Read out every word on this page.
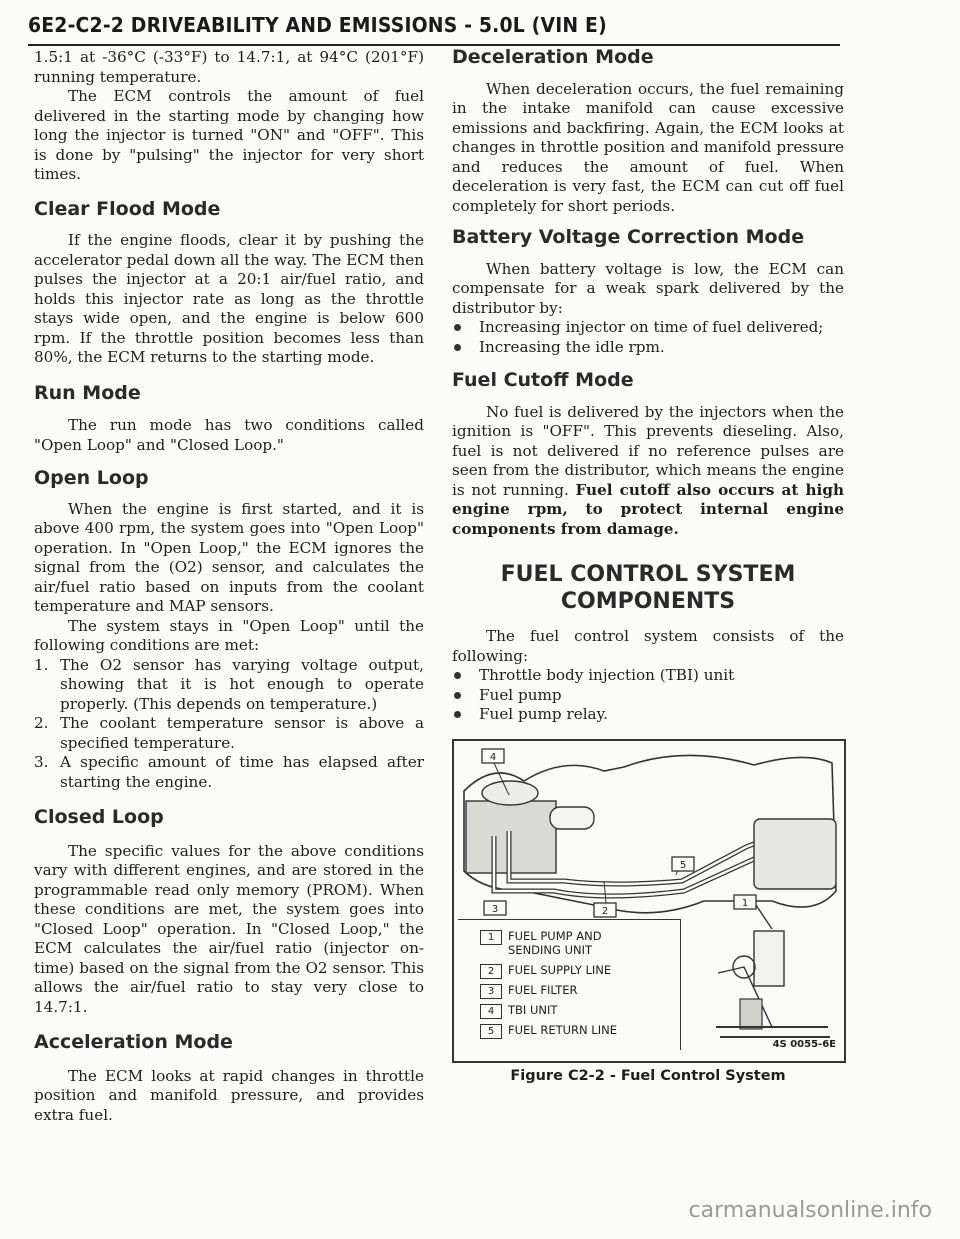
6E2-C2-2 DRIVEABILITY AND EMISSIONS - 5.0L (VIN E)

1.5:1 at -36°C (-33°F) to 14.7:1, at 94°C (201°F) running temperature.

The ECM controls the amount of fuel delivered in the starting mode by changing how long the injector is turned "ON" and "OFF". This is done by "pulsing" the injector for very short times.

Clear Flood Mode

If the engine floods, clear it by pushing the accelerator pedal down all the way. The ECM then pulses the injector at a 20:1 air/fuel ratio, and holds this injector rate as long as the throttle stays wide open, and the engine is below 600 rpm. If the throttle position becomes less than 80%, the ECM returns to the starting mode.

Run Mode

The run mode has two conditions called "Open Loop" and "Closed Loop."

Open Loop

When the engine is first started, and it is above 400 rpm, the system goes into "Open Loop" operation. In "Open Loop," the ECM ignores the signal from the (O2) sensor, and calculates the air/fuel ratio based on inputs from the coolant temperature and MAP sensors.

The system stays in "Open Loop" until the following conditions are met:

1. The O2 sensor has varying voltage output, showing that it is hot enough to operate properly. (This depends on temperature.)
2. The coolant temperature sensor is above a specified temperature.
3. A specific amount of time has elapsed after starting the engine.
Closed Loop

The specific values for the above conditions vary with different engines, and are stored in the programmable read only memory (PROM). When these conditions are met, the system goes into "Closed Loop" operation. In "Closed Loop," the ECM calculates the air/fuel ratio (injector on-time) based on the signal from the O2 sensor. This allows the air/fuel ratio to stay very close to 14.7:1.

Acceleration Mode

The ECM looks at rapid changes in throttle position and manifold pressure, and provides extra fuel.

Deceleration Mode

When deceleration occurs, the fuel remaining in the intake manifold can cause excessive emissions and backfiring. Again, the ECM looks at changes in throttle position and manifold pressure and reduces the amount of fuel. When deceleration is very fast, the ECM can cut off fuel completely for short periods.

Battery Voltage Correction Mode

When battery voltage is low, the ECM can compensate for a weak spark delivered by the distributor by:

Increasing injector on time of fuel delivered;
Increasing the idle rpm.
Fuel Cutoff Mode

No fuel is delivered by the injectors when the ignition is "OFF". This prevents dieseling. Also, fuel is not delivered if no reference pulses are seen from the distributor, which means the engine is not running. Fuel cutoff also occurs at high engine rpm, to protect internal engine components from damage.

FUEL CONTROL SYSTEM
COMPONENTS

The fuel control system consists of the following:

Throttle body injection (TBI) unit
Fuel pump
Fuel pump relay.
4
5
3	2
1
1	FUEL PUMP AND
SENDING UNIT
2	FUEL SUPPLY LINE
3	FUEL FILTER
4	TBI UNIT
5	FUEL RETURN LINE
4S 0055-6E
Figure C2-2 - Fuel Control System
carmanualsonline.info
